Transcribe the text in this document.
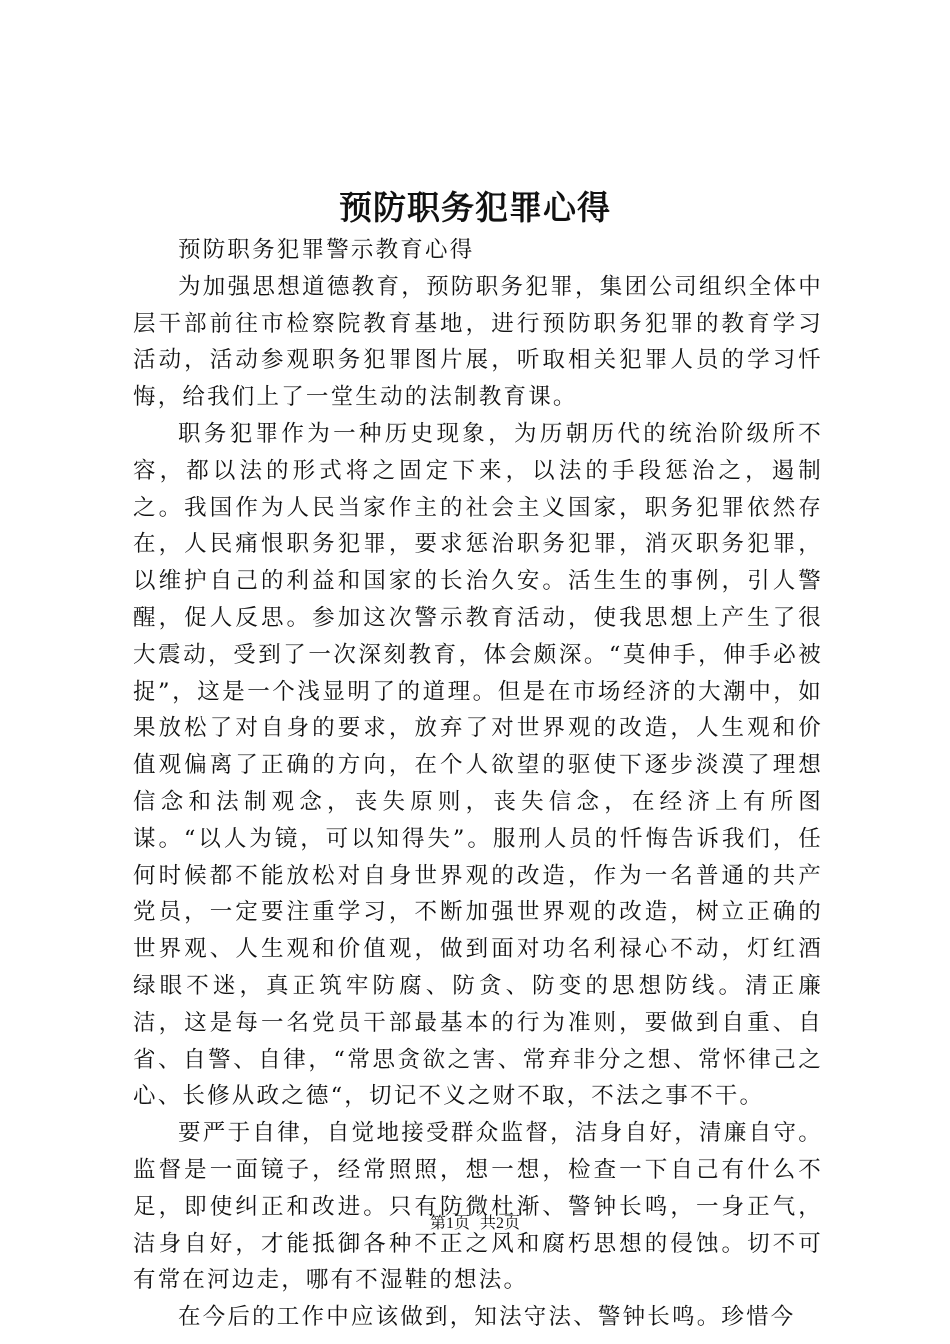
预防职务犯罪心得

预防职务犯罪警示教育心得

为加强思想道德教育，预防职务犯罪，集团公司组织全体中层干部前往市检察院教育基地，进行预防职务犯罪的教育学习活动，活动参观职务犯罪图片展，听取相关犯罪人员的学习忏悔，给我们上了一堂生动的法制教育课。

职务犯罪作为一种历史现象，为历朝历代的统治阶级所不容，都以法的形式将之固定下来，以法的手段惩治之，遏制之。我国作为人民当家作主的社会主义国家，职务犯罪依然存在，人民痛恨职务犯罪，要求惩治职务犯罪，消灭职务犯罪，以维护自己的利益和国家的长治久安。活生生的事例，引人警醒，促人反思。参加这次警示教育活动，使我思想上产生了很大震动，受到了一次深刻教育，体会颇深。“莫伸手，伸手必被捉”，这是一个浅显明了的道理。但是在市场经济的大潮中，如果放松了对自身的要求，放弃了对世界观的改造，人生观和价值观偏离了正确的方向，在个人欲望的驱使下逐步淡漠了理想信念和法制观念，丧失原则，丧失信念，在经济上有所图谋。“以人为镜，可以知得失”。服刑人员的忏悔告诉我们，任何时候都不能放松对自身世界观的改造，作为一名普通的共产党员，一定要注重学习，不断加强世界观的改造，树立正确的世界观、人生观和价值观，做到面对功名利禄心不动，灯红酒绿眼不迷，真正筑牢防腐、防贪、防变的思想防线。清正廉洁，这是每一名党员干部最基本的行为准则，要做到自重、自省、自警、自律，“常思贪欲之害、常弃非分之想、常怀律己之心、长修从政之德“，切记不义之财不取，不法之事不干。

要严于自律，自觉地接受群众监督，洁身自好，清廉自守。监督是一面镜子，经常照照，想一想，检查一下自己有什么不足，即使纠正和改进。只有防微杜渐、警钟长鸣，一身正气，洁身自好，才能抵御各种不正之风和腐朽思想的侵蚀。切不可有常在河边走，哪有不湿鞋的想法。

在今后的工作中应该做到，知法守法、警钟长鸣。珍惜今

第1页 共2页
